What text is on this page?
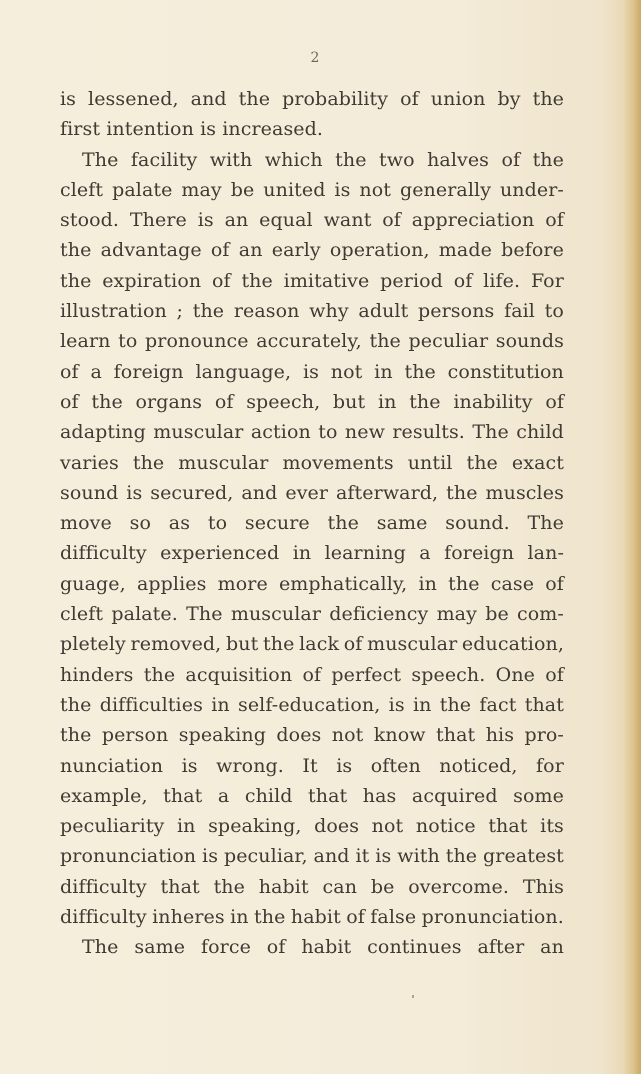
2
is lessened, and the probability of union by the
first intention is increased.
The facility with which the two halves of the
cleft palate may be united is not generally under-
stood. There is an equal want of appreciation of
the advantage of an early operation, made before
the expiration of the imitative period of life. For
illustration ; the reason why adult persons fail to
learn to pronounce accurately, the peculiar sounds
of a foreign language, is not in the constitution
of the organs of speech, but in the inability of
adapting muscular action to new results. The child
varies the muscular movements until the exact
sound is secured, and ever afterward, the muscles
move so as to secure the same sound. The
difficulty experienced in learning a foreign lan-
guage, applies more emphatically, in the case of
cleft palate. The muscular deficiency may be com-
pletely removed, but the lack of muscular education,
hinders the acquisition of perfect speech. One of
the difficulties in self-education, is in the fact that
the person speaking does not know that his pro-
nunciation is wrong. It is often noticed, for
example, that a child that has acquired some
peculiarity in speaking, does not notice that its
pronunciation is peculiar, and it is with the greatest
difficulty that the habit can be overcome. This
difficulty inheres in the habit of false pronunciation.
The same force of habit continues after an
